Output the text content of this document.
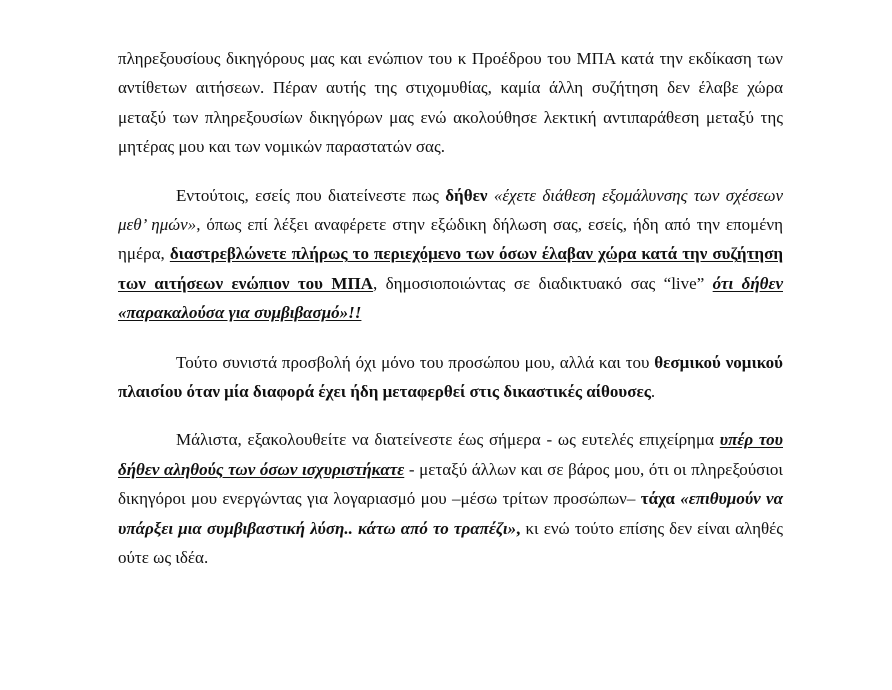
πληρεξουσίους δικηγόρους μας και ενώπιον του κ Προέδρου του ΜΠΑ κατά την εκδίκαση των αντίθετων αιτήσεων. Πέραν αυτής της στιχομυθίας, καμία άλλη συζήτηση δεν έλαβε χώρα μεταξύ των πληρεξουσίων δικηγόρων μας ενώ ακολούθησε λεκτική αντιπαράθεση μεταξύ της μητέρας μου και των νομικών παραστατών σας.

Εντούτοις, εσείς που διατείνεστε πως δήθεν «έχετε διάθεση εξομάλυνσης των σχέσεων μεθ’ ημών», όπως επί λέξει αναφέρετε στην εξώδικη δήλωση σας, εσείς, ήδη από την επομένη ημέρα, διαστρεβλώνετε πλήρως το περιεχόμενο των όσων έλαβαν χώρα κατά την συζήτηση των αιτήσεων ενώπιον του ΜΠΑ, δημοσιοποιώντας σε διαδικτυακό σας “live” ότι δήθεν «παρακαλούσα για συμβιβασμό»!!

Τούτο συνιστά προσβολή όχι μόνο του προσώπου μου, αλλά και του θεσμικού νομικού πλαισίου όταν μία διαφορά έχει ήδη μεταφερθεί στις δικαστικές αίθουσες.

Μάλιστα, εξακολουθείτε να διατείνεστε έως σήμερα - ως ευτελές επιχείρημα υπέρ του δήθεν αληθούς των όσων ισχυριστήκατε - μεταξύ άλλων και σε βάρος μου, ότι οι πληρεξούσιοι δικηγόροι μου ενεργώντας για λογαριασμό μου –μέσω τρίτων προσώπων– τάχα «επιθυμούν να υπάρξει μια συμβιβαστική λύση.. κάτω από το τραπέζι», κι ενώ τούτο επίσης δεν είναι αληθές ούτε ως ιδέα.
